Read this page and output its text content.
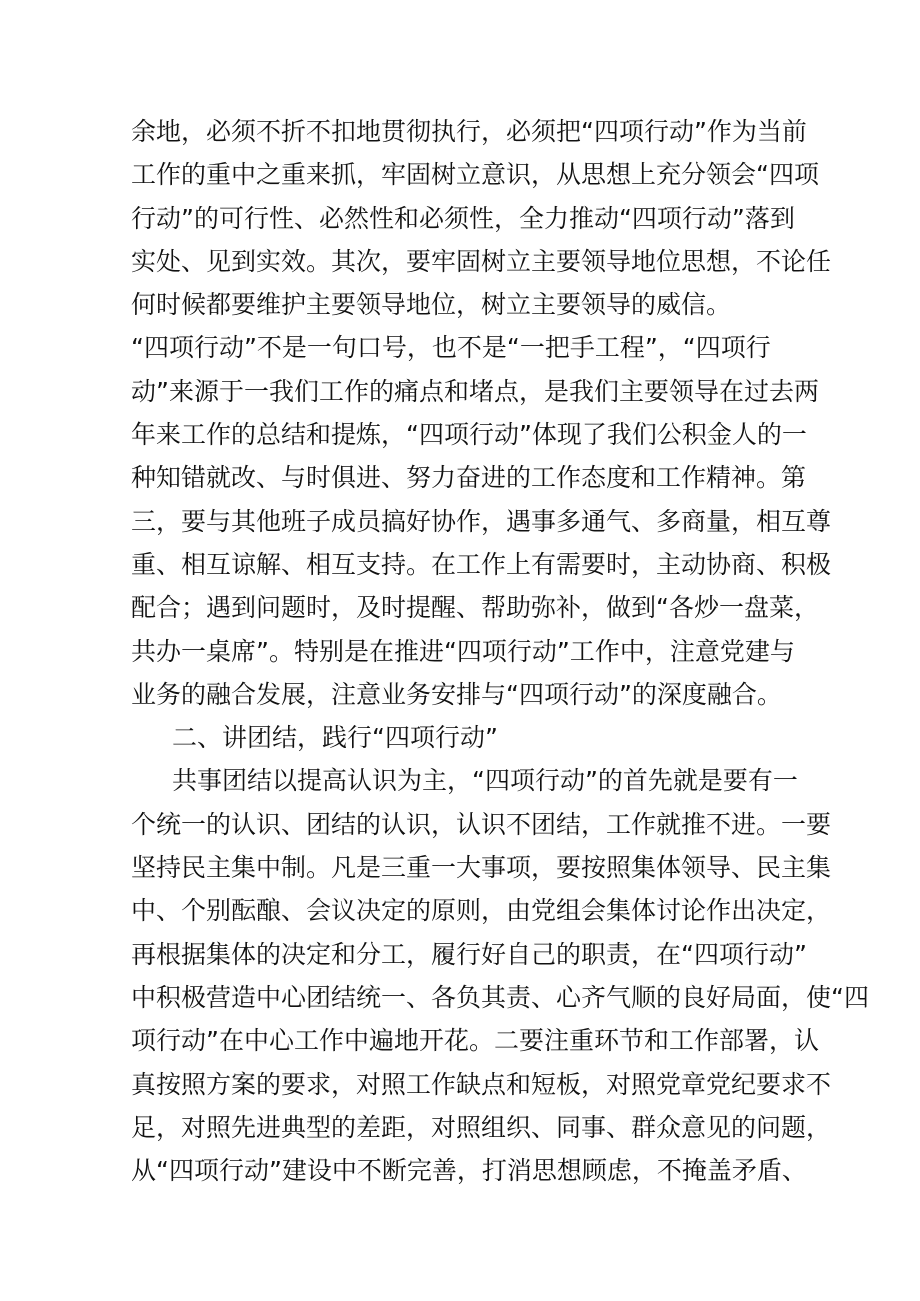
余地，必须不折不扣地贯彻执行，必须把“四项行动”作为当前
工作的重中之重来抓，牢固树立意识，从思想上充分领会“四项
行动”的可行性、必然性和必须性，全力推动“四项行动”落到
实处、见到实效。其次，要牢固树立主要领导地位思想，不论任
何时候都要维护主要领导地位，树立主要领导的威信。
“四项行动”不是一句口号，也不是“一把手工程”，“四项行
动”来源于一我们工作的痛点和堵点，是我们主要领导在过去两
年来工作的总结和提炼，“四项行动”体现了我们公积金人的一
种知错就改、与时俱进、努力奋进的工作态度和工作精神。第
三，要与其他班子成员搞好协作，遇事多通气、多商量，相互尊
重、相互谅解、相互支持。在工作上有需要时，主动协商、积极
配合；遇到问题时，及时提醒、帮助弥补，做到“各炒一盘菜，
共办一桌席”。特别是在推进“四项行动”工作中，注意党建与
业务的融合发展，注意业务安排与“四项行动”的深度融合。
二、讲团结，践行“四项行动”
共事团结以提高认识为主，“四项行动”的首先就是要有一
个统一的认识、团结的认识，认识不团结，工作就推不进。一要
坚持民主集中制。凡是三重一大事项，要按照集体领导、民主集
中、个别酝酿、会议决定的原则，由党组会集体讨论作出决定，
再根据集体的决定和分工，履行好自己的职责，在“四项行动”
中积极营造中心团结统一、各负其责、心齐气顺的良好局面，使“四
项行动”在中心工作中遍地开花。二要注重环节和工作部署，认
真按照方案的要求，对照工作缺点和短板，对照党章党纪要求不
足，对照先进典型的差距，对照组织、同事、群众意见的问题，
从“四项行动”建设中不断完善，打消思想顾虑，不掩盖矛盾、
